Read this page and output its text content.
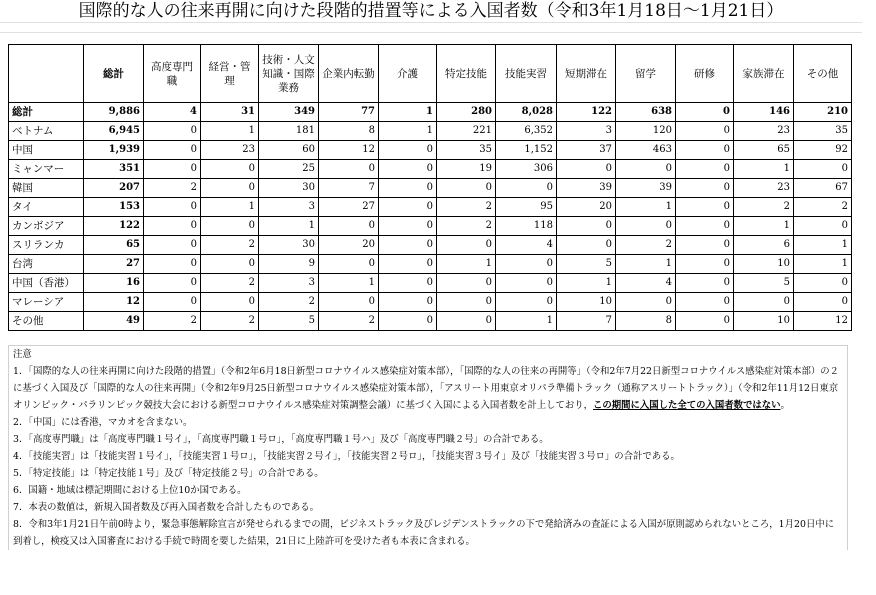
国際的な人の往来再開に向けた段階的措置等による入国者数（令和3年1月18日〜1月21日）
	総計	高度専門職	経営・管理	技術・人文知識・国際業務	企業内転勤	介護	特定技能	技能実習	短期滞在	留学	研修	家族滞在	その他
総計	9,886	4	31	349	77	1	280	8,028	122	638	0	146	210
ベトナム	6,945	0	1	181	8	1	221	6,352	3	120	0	23	35
中国	1,939	0	23	60	12	0	35	1,152	37	463	0	65	92
ミャンマー	351	0	0	25	0	0	19	306	0	0	0	1	0
韓国	207	2	0	30	7	0	0	0	39	39	0	23	67
タイ	153	0	1	3	27	0	2	95	20	1	0	2	2
カンボジア	122	0	0	1	0	0	2	118	0	0	0	1	0
スリランカ	65	0	2	30	20	0	0	4	0	2	0	6	1
台湾	27	0	0	9	0	0	1	0	5	1	0	10	1
中国（香港）	16	0	2	3	1	0	0	0	1	4	0	5	0
マレーシア	12	0	0	2	0	0	0	0	10	0	0	0	0
その他	49	2	2	5	2	0	0	1	7	8	0	10	12

注意

1．「国際的な人の往来再開に向けた段階的措置」（令和2年6月18日新型コロナウイルス感染症対策本部），「国際的な人の往来の再開等」（令和2年7月22日新型コロナウイルス感染症対策本部）の２に基づく入国及び「国際的な人の往来再開」（令和2年9月25日新型コロナウイルス感染症対策本部），「アスリート用東京オリパラ準備トラック（通称アスリートトラック）」（令和2年11月12日東京オリンピック・パラリンピック競技大会における新型コロナウイルス感染症対策調整会議）に基づく入国による入国者数を計上しており，この期間に入国した全ての入国者数ではない。

2．「中国」には香港，マカオを含まない。

3．「高度専門職」は「高度専門職１号イ」，「高度専門職１号ロ」，「高度専門職１号ハ」及び「高度専門職２号」の合計である。

4．「技能実習」は「技能実習１号イ」，「技能実習１号ロ」，「技能実習２号イ」，「技能実習２号ロ」，「技能実習３号イ」及び「技能実習３号ロ」の合計である。

5．「特定技能」は「特定技能１号」及び「特定技能２号」の合計である。

6．国籍・地域は標記期間における上位10か国である。

7．本表の数値は，新規入国者数及び再入国者数を合計したものである。

8．令和3年1月21日午前0時より，緊急事態解除宣言が発せられるまでの間，ビジネストラック及びレジデンストラックの下で発給済みの査証による入国が原則認められないところ，1月20日中に到着し，検疫又は入国審査における手続で時間を要した結果，21日に上陸許可を受けた者も本表に含まれる。
